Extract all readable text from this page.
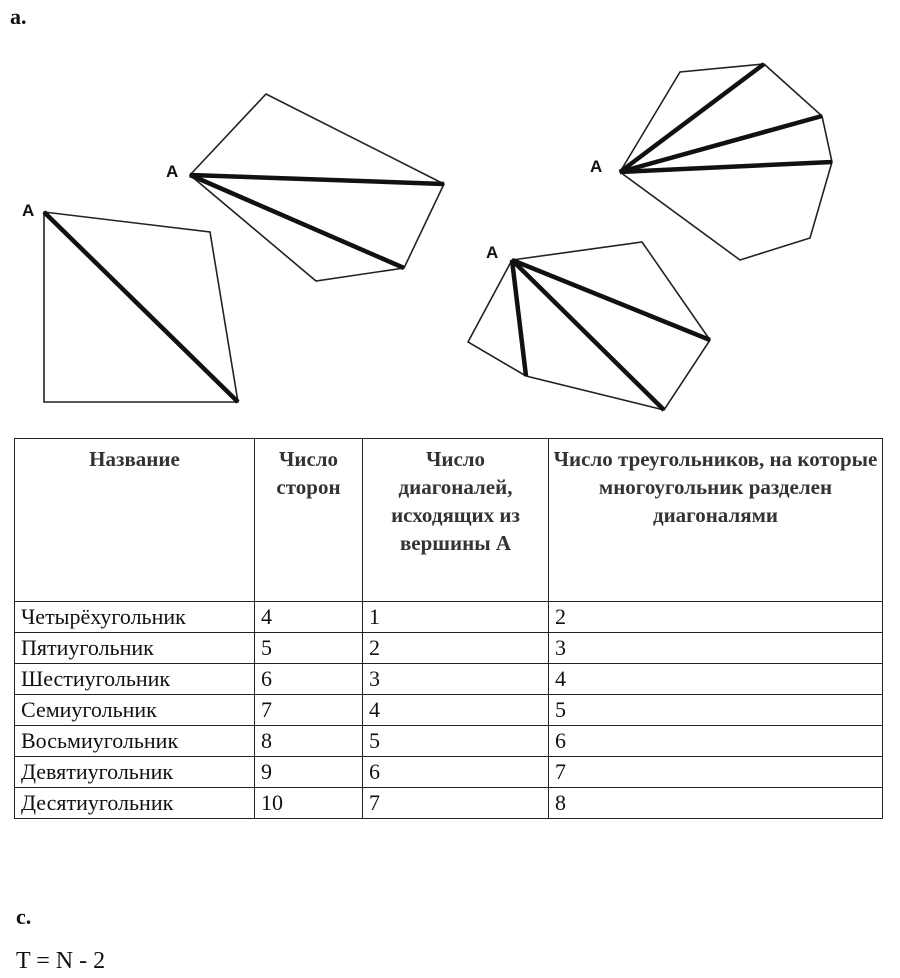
а.
A
A
A
A
Название	Число сторон	Число диагоналей, исходящих из вершины А	Число треугольников, на которые многоугольник разделен диагоналями
Четырёхугольник	4	1	2
Пятиугольник	5	2	3
Шестиугольник	6	3	4
Семиугольник	7	4	5
Восьмиугольник	8	5	6
Девятиугольник	9	6	7
Десятиугольник	10	7	8
с.
T = N - 2
